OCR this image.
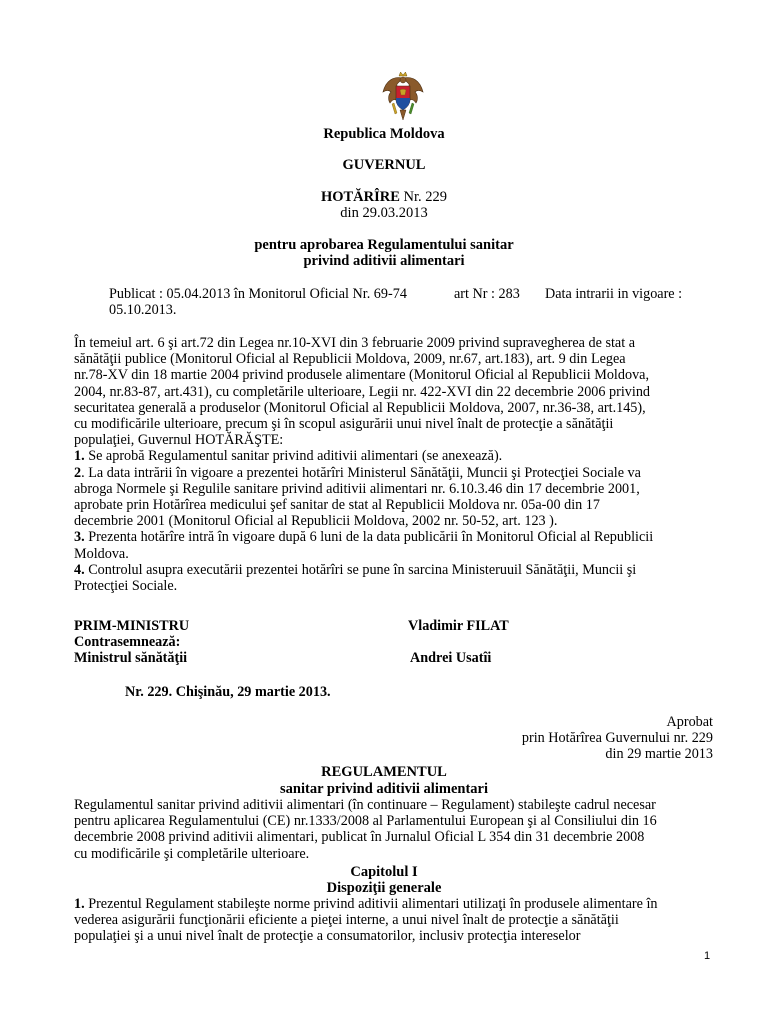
Republica Moldova
GUVERNUL
HOTĂRÎRE Nr. 229
din 29.03.2013
pentru aprobarea Regulamentului sanitar
privind aditivii alimentari
Publicat : 05.04.2013 în Monitorul Oficial Nr. 69-74	art Nr : 283 Data intrarii in vigoare :
05.10.2013.
În temeiul art. 6 şi art.72 din Legea nr.10-XVI din 3 februarie 2009 privind supravegherea de stat a
sănătăţii publice (Monitorul Oficial al Republicii Moldova, 2009, nr.67, art.183), art. 9 din Legea
nr.78-XV din 18 martie 2004 privind produsele alimentare (Monitorul Oficial al Republicii Moldova,
2004, nr.83-87, art.431), cu completările ulterioare, Legii nr. 422-XVI din 22 decembrie 2006 privind
securitatea generală a produselor (Monitorul Oficial al Republicii Moldova, 2007, nr.36-38, art.145),
cu modificările ulterioare, precum şi în scopul asigurării unui nivel înalt de protecţie a sănătăţii
populaţiei, Guvernul HOTĂRĂŞTE:
1. Se aprobă Regulamentul sanitar privind aditivii alimentari (se anexează).
2. La data intrării în vigoare a prezentei hotărîri Ministerul Sănătăţii, Muncii şi Protecţiei Sociale va
abroga Normele şi Regulile sanitare privind aditivii alimentari nr. 6.10.3.46 din 17 decembrie 2001,
aprobate prin Hotărîrea medicului şef sanitar de stat al Republicii Moldova nr. 05a-00 din 17
decembrie 2001 (Monitorul Oficial al Republicii Moldova, 2002 nr. 50-52, art. 123 ).
3. Prezenta hotărîre intră în vigoare după 6 luni de la data publicării în Monitorul Oficial al Republicii
Moldova.
4. Controlul asupra executării prezentei hotărîri se pune în sarcina Ministeruuil Sănătăţii, Muncii şi
Protecţiei Sociale.
PRIM-MINISTRU	Vladimir FILAT
Contrasemnează:
Ministrul sănătăţii	Andrei Usatîi
Nr. 229. Chişinău, 29 martie 2013.
Aprobat
prin Hotărîrea Guvernului nr. 229
din 29 martie 2013
REGULAMENTUL
sanitar privind aditivii alimentari
Regulamentul sanitar privind aditivii alimentari (în continuare – Regulament) stabileşte cadrul necesar
pentru aplicarea Regulamentului (CE) nr.1333/2008 al Parlamentului European şi al Consiliului din 16
decembrie 2008 privind aditivii alimentari, publicat în Jurnalul Oficial L 354 din 31 decembrie 2008
cu modificările şi completările ulterioare.
Capitolul I
Dispoziţii generale
1. Prezentul Regulament stabileşte norme privind aditivii alimentari utilizaţi în produsele alimentare în
vederea asigurării funcţionării eficiente a pieţei interne, a unui nivel înalt de protecţie a sănătăţii
populaţiei şi a unui nivel înalt de protecţie a consumatorilor, inclusiv protecţia intereselor
1
